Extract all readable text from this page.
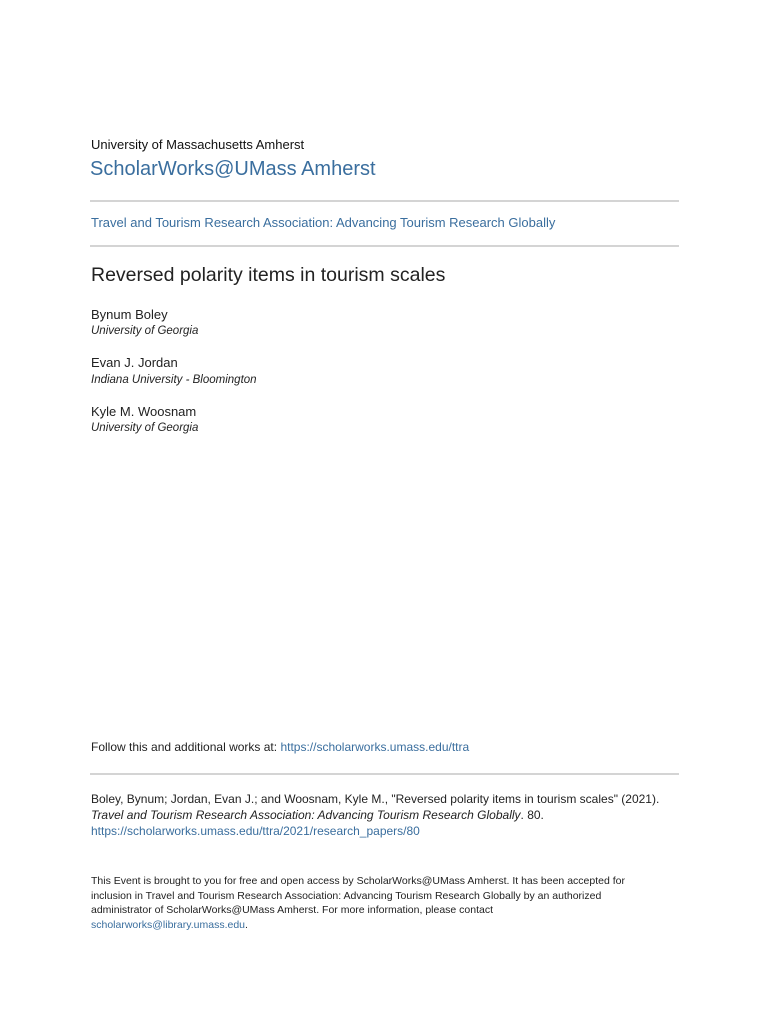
University of Massachusetts Amherst
ScholarWorks@UMass Amherst
Travel and Tourism Research Association: Advancing Tourism Research Globally
Reversed polarity items in tourism scales
Bynum Boley
University of Georgia
Evan J. Jordan
Indiana University - Bloomington
Kyle M. Woosnam
University of Georgia
Follow this and additional works at: https://scholarworks.umass.edu/ttra
Boley, Bynum; Jordan, Evan J.; and Woosnam, Kyle M., "Reversed polarity items in tourism scales" (2021).
Travel and Tourism Research Association: Advancing Tourism Research Globally. 80.
https://scholarworks.umass.edu/ttra/2021/research_papers/80
This Event is brought to you for free and open access by ScholarWorks@UMass Amherst. It has been accepted for
inclusion in Travel and Tourism Research Association: Advancing Tourism Research Globally by an authorized
administrator of ScholarWorks@UMass Amherst. For more information, please contact
scholarworks@library.umass.edu.
